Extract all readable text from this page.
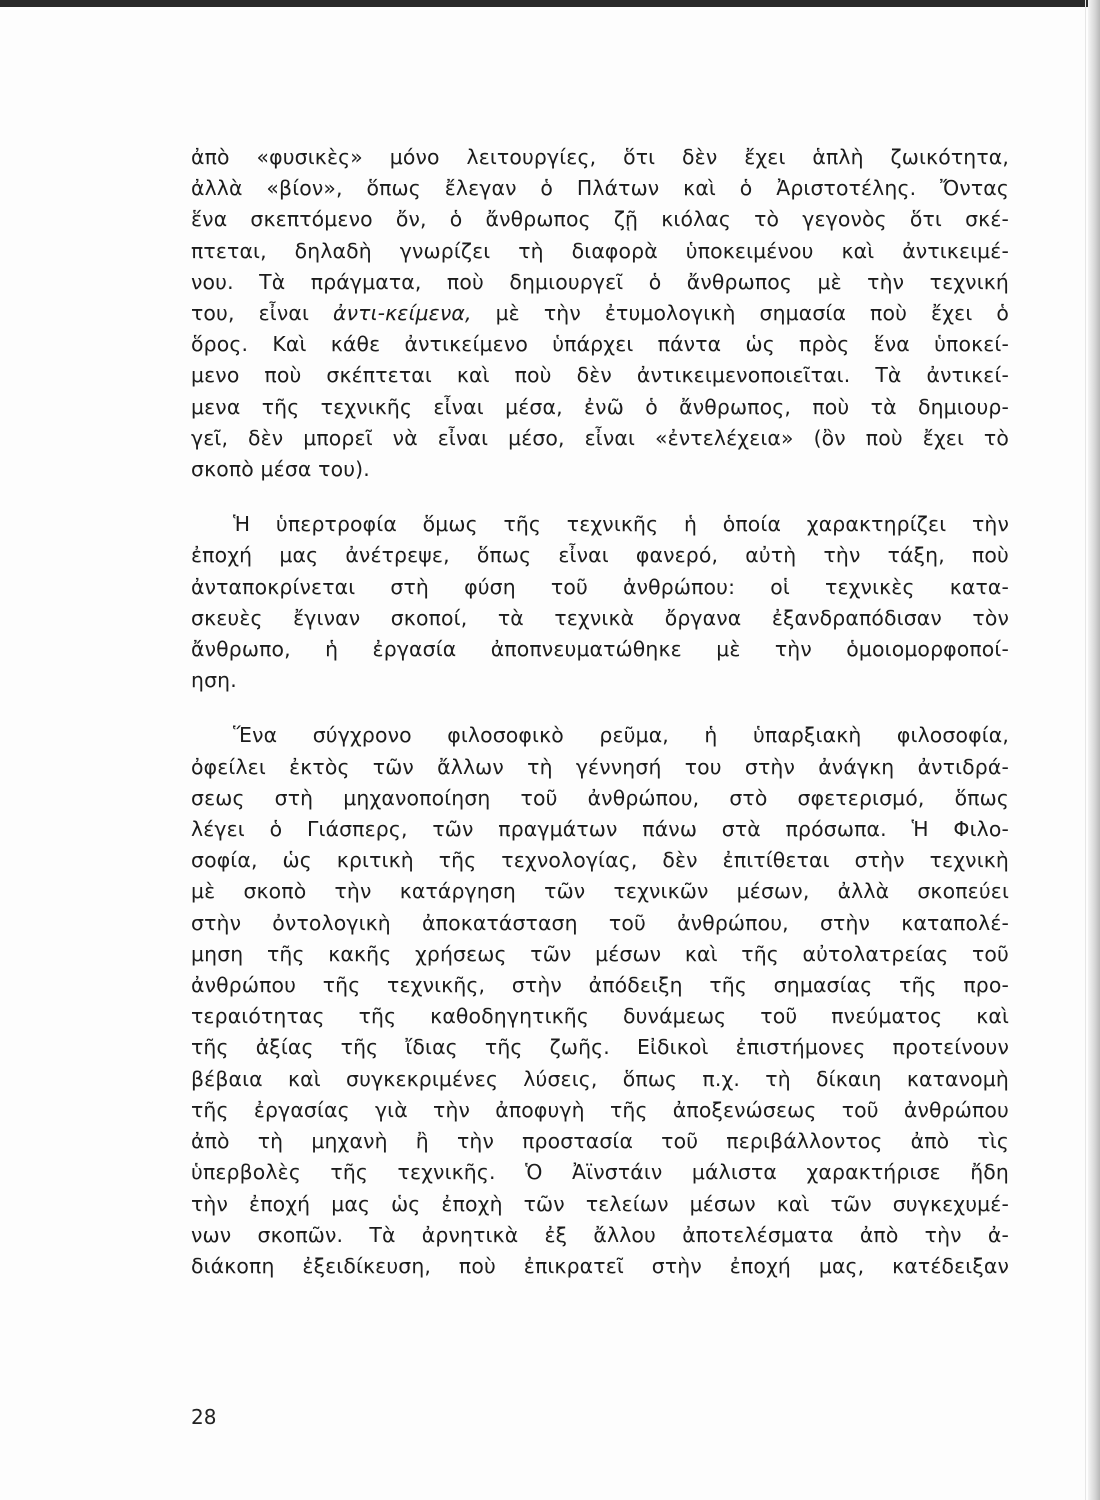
ἀπὸ «φυσικὲς» μόνο λειτουργίες, ὅτι δὲν ἔχει ἁπλὴ ζωικότητα,
ἀλλὰ «βίον», ὅπως ἔλεγαν ὁ Πλάτων καὶ ὁ Ἀριστοτέλης. Ὄντας
ἕνα σκεπτόμενο ὄν, ὁ ἄνθρωπος ζῇ κιόλας τὸ γεγονὸς ὅτι σκέ-
πτεται, δηλαδὴ γνωρίζει τὴ διαφορὰ ὑποκειμένου καὶ ἀντικειμέ-
νου. Τὰ πράγματα, ποὺ δημιουργεῖ ὁ ἄνθρωπος μὲ τὴν τεχνική
του, εἶναι ἀντι-κείμενα, μὲ τὴν ἐτυμολογικὴ σημασία ποὺ ἔχει ὁ
ὅρος. Καὶ κάθε ἀντικείμενο ὑπάρχει πάντα ὡς πρὸς ἕνα ὑποκεί-
μενο ποὺ σκέπτεται καὶ ποὺ δὲν ἀντικειμενοποιεῖται. Τὰ ἀντικεί-
μενα τῆς τεχνικῆς εἶναι μέσα, ἐνῶ ὁ ἄνθρωπος, ποὺ τὰ δημιουρ-
γεῖ, δὲν μπορεῖ νὰ εἶναι μέσο, εἶναι «ἐντελέχεια» (ὂν ποὺ ἔχει τὸ
σκοπὸ μέσα του).

Ἡ ὑπερτροφία ὅμως τῆς τεχνικῆς ἡ ὁποία χαρακτηρίζει τὴν
ἐποχή μας ἀνέτρεψε, ὅπως εἶναι φανερό, αὐτὴ τὴν τάξη, ποὺ
ἀνταποκρίνεται στὴ φύση τοῦ ἀνθρώπου: οἱ τεχνικὲς κατα-
σκευὲς ἔγιναν σκοποί, τὰ τεχνικὰ ὄργανα ἐξανδραπόδισαν τὸν
ἄνθρωπο, ἡ ἐργασία ἀποπνευματώθηκε μὲ τὴν ὁμοιομορφοποί-
ηση.

Ἕνα σύγχρονο φιλοσοφικὸ ρεῦμα, ἡ ὑπαρξιακὴ φιλοσοφία,
ὀφείλει ἐκτὸς τῶν ἄλλων τὴ γέννησή του στὴν ἀνάγκη ἀντιδρά-
σεως στὴ μηχανοποίηση τοῦ ἀνθρώπου, στὸ σφετερισμό, ὅπως
λέγει ὁ Γιάσπερς, τῶν πραγμάτων πάνω στὰ πρόσωπα. Ἡ Φιλο-
σοφία, ὡς κριτικὴ τῆς τεχνολογίας, δὲν ἐπιτίθεται στὴν τεχνικὴ
μὲ σκοπὸ τὴν κατάργηση τῶν τεχνικῶν μέσων, ἀλλὰ σκοπεύει
στὴν ὀντολογικὴ ἀποκατάσταση τοῦ ἀνθρώπου, στὴν καταπολέ-
μηση τῆς κακῆς χρήσεως τῶν μέσων καὶ τῆς αὐτολατρείας τοῦ
ἀνθρώπου τῆς τεχνικῆς, στὴν ἀπόδειξη τῆς σημασίας τῆς προ-
τεραιότητας τῆς καθοδηγητικῆς δυνάμεως τοῦ πνεύματος καὶ
τῆς ἀξίας τῆς ἴδιας τῆς ζωῆς. Εἰδικοὶ ἐπιστήμονες προτείνουν
βέβαια καὶ συγκεκριμένες λύσεις, ὅπως π.χ. τὴ δίκαιη κατανομὴ
τῆς ἐργασίας γιὰ τὴν ἀποφυγὴ τῆς ἀποξενώσεως τοῦ ἀνθρώπου
ἀπὸ τὴ μηχανὴ ἢ τὴν προστασία τοῦ περιβάλλοντος ἀπὸ τὶς
ὑπερβολὲς τῆς τεχνικῆς. Ὁ Ἀϊνστάιν μάλιστα χαρακτήρισε ἤδη
τὴν ἐποχή μας ὡς ἐποχὴ τῶν τελείων μέσων καὶ τῶν συγκεχυμέ-
νων σκοπῶν. Τὰ ἀρνητικὰ ἐξ ἄλλου ἀποτελέσματα ἀπὸ τὴν ἀ-
διάκοπη ἐξειδίκευση, ποὺ ἐπικρατεῖ στὴν ἐποχή μας, κατέδειξαν

28
